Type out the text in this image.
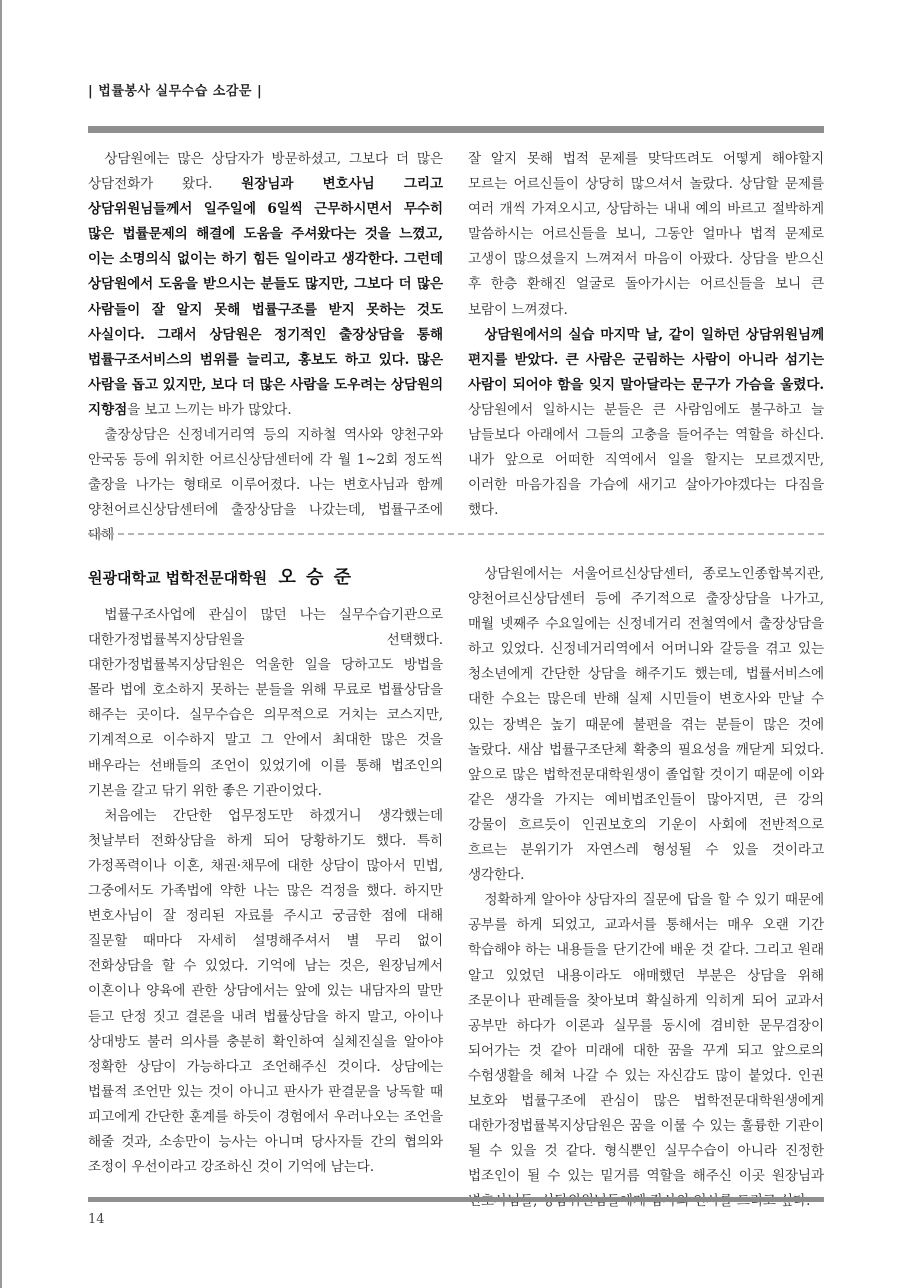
| 법률봉사 실무수습 소감문 |

상담원에는 많은 상담자가 방문하셨고, 그보다 더 많은 상담전화가 왔다. 원장님과 변호사님 그리고 상담위원님들께서 일주일에 6일씩 근무하시면서 무수히 많은 법률문제의 해결에 도움을 주셔왔다는 것을 느꼈고, 이는 소명의식 없이는 하기 힘든 일이라고 생각한다. 그런데 상담원에서 도움을 받으시는 분들도 많지만, 그보다 더 많은 사람들이 잘 알지 못해 법률구조를 받지 못하는 것도 사실이다. 그래서 상담원은 정기적인 출장상담을 통해 법률구조서비스의 범위를 늘리고, 홍보도 하고 있다. 많은 사람을 돕고 있지만, 보다 더 많은 사람을 도우려는 상담원의 지향점을 보고 느끼는 바가 많았다.

출장상담은 신정네거리역 등의 지하철 역사와 양천구와 안국동 등에 위치한 어르신상담센터에 각 월 1~2회 정도씩 출장을 나가는 형태로 이루어졌다. 나는 변호사님과 함께 양천어르신상담센터에 출장상담을 나갔는데, 법률구조에 대해

잘 알지 못해 법적 문제를 맞닥뜨려도 어떻게 해야할지 모르는 어르신들이 상당히 많으셔서 놀랐다. 상담할 문제를 여러 개씩 가져오시고, 상담하는 내내 예의 바르고 절박하게 말씀하시는 어르신들을 보니, 그동안 얼마나 법적 문제로 고생이 많으셨을지 느껴져서 마음이 아팠다. 상담을 받으신 후 한층 환해진 얼굴로 돌아가시는 어르신들을 보니 큰 보람이 느껴졌다.

상담원에서의 실습 마지막 날, 같이 일하던 상담위원님께 편지를 받았다. 큰 사람은 군림하는 사람이 아니라 섬기는 사람이 되어야 함을 잊지 말아달라는 문구가 가슴을 울렸다. 상담원에서 일하시는 분들은 큰 사람임에도 불구하고 늘 남들보다 아래에서 그들의 고충을 들어주는 역할을 하신다. 내가 앞으로 어떠한 직역에서 일을 할지는 모르겠지만, 이러한 마음가짐을 가슴에 새기고 살아가야겠다는 다짐을 했다.

원광대학교 법학전문대학원 오 승 준

법률구조사업에 관심이 많던 나는 실무수습기관으로 대한가정법률복지상담원을 선택했다. 대한가정법률복지상담원은 억울한 일을 당하고도 방법을 몰라 법에 호소하지 못하는 분들을 위해 무료로 법률상담을 해주는 곳이다. 실무수습은 의무적으로 거치는 코스지만, 기계적으로 이수하지 말고 그 안에서 최대한 많은 것을 배우라는 선배들의 조언이 있었기에 이를 통해 법조인의 기본을 갈고 닦기 위한 좋은 기관이었다.

처음에는 간단한 업무정도만 하겠거니 생각했는데 첫날부터 전화상담을 하게 되어 당황하기도 했다. 특히 가정폭력이나 이혼, 채권·채무에 대한 상담이 많아서 민법, 그중에서도 가족법에 약한 나는 많은 걱정을 했다. 하지만 변호사님이 잘 정리된 자료를 주시고 궁금한 점에 대해 질문할 때마다 자세히 설명해주셔서 별 무리 없이 전화상담을 할 수 있었다. 기억에 남는 것은, 원장님께서 이혼이나 양육에 관한 상담에서는 앞에 있는 내담자의 말만 듣고 단정 짓고 결론을 내려 법률상담을 하지 말고, 아이나 상대방도 불러 의사를 충분히 확인하여 실체진실을 알아야 정확한 상담이 가능하다고 조언해주신 것이다. 상담에는 법률적 조언만 있는 것이 아니고 판사가 판결문을 낭독할 때 피고에게 간단한 훈계를 하듯이 경험에서 우러나오는 조언을 해줄 것과, 소송만이 능사는 아니며 당사자들 간의 협의와 조정이 우선이라고 강조하신 것이 기억에 남는다.

상담원에서는 서울어르신상담센터, 종로노인종합복지관, 양천어르신상담센터 등에 주기적으로 출장상담을 나가고, 매월 넷째주 수요일에는 신정네거리 전철역에서 출장상담을 하고 있었다. 신정네거리역에서 어머니와 갈등을 겪고 있는 청소년에게 간단한 상담을 해주기도 했는데, 법률서비스에 대한 수요는 많은데 반해 실제 시민들이 변호사와 만날 수 있는 장벽은 높기 때문에 불편을 겪는 분들이 많은 것에 놀랐다. 새삼 법률구조단체 확충의 필요성을 깨닫게 되었다. 앞으로 많은 법학전문대학원생이 졸업할 것이기 때문에 이와 같은 생각을 가지는 예비법조인들이 많아지면, 큰 강의 강물이 흐르듯이 인권보호의 기운이 사회에 전반적으로 흐르는 분위기가 자연스레 형성될 수 있을 것이라고 생각한다.

정확하게 알아야 상담자의 질문에 답을 할 수 있기 때문에 공부를 하게 되었고, 교과서를 통해서는 매우 오랜 기간 학습해야 하는 내용들을 단기간에 배운 것 같다. 그리고 원래 알고 있었던 내용이라도 애매했던 부분은 상담을 위해 조문이나 판례들을 찾아보며 확실하게 익히게 되어 교과서 공부만 하다가 이론과 실무를 동시에 겸비한 문무겸장이 되어가는 것 같아 미래에 대한 꿈을 꾸게 되고 앞으로의 수험생활을 헤쳐 나갈 수 있는 자신감도 많이 붙었다. 인권 보호와 법률구조에 관심이 많은 법학전문대학원생에게 대한가정법률복지상담원은 꿈을 이룰 수 있는 훌륭한 기관이 될 수 있을 것 같다. 형식뿐인 실무수습이 아니라 진정한 법조인이 될 수 있는 밑거름 역할을 해주신 이곳 원장님과

14
